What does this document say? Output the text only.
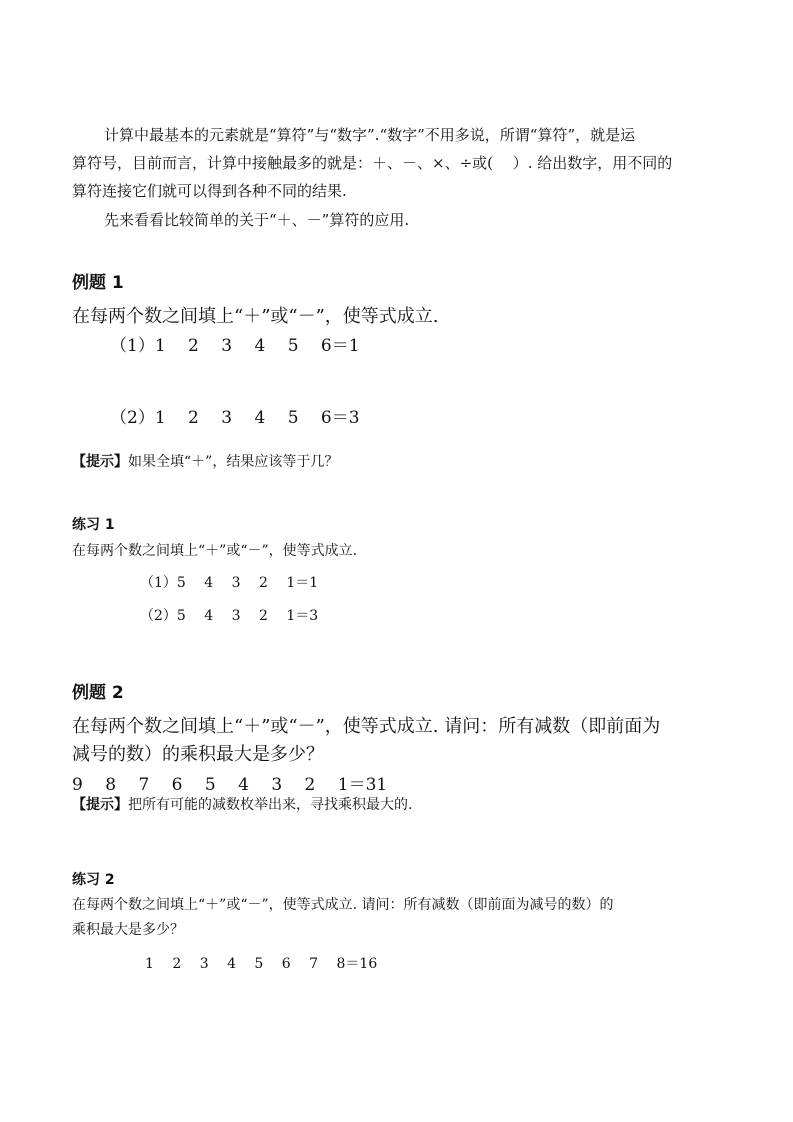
计算中最基本的元素就是“算符”与“数字”.“数字”不用多说，所谓“算符”，就是运
算符号，目前而言，计算中接触最多的就是：＋、－、×、÷或(　 ）. 给出数字，用不同的
算符连接它们就可以得到各种不同的结果.
先来看看比较简单的关于“＋、－”算符的应用.
例题 1
在每两个数之间填上“＋”或“－”，使等式成立.
（1）1　 2　 3　 4　 5　 6＝1
（2）1　 2　 3　 4　 5　 6＝3
【提示】如果全填“＋”，结果应该等于几？
练习 1
在每两个数之间填上“＋”或“－”，使等式成立.
（1）5　 4　 3　 2　 1＝1
（2）5　 4　 3　 2　 1＝3
例题 2
在每两个数之间填上“＋”或“－”，使等式成立. 请问：所有减数（即前面为
减号的数）的乘积最大是多少？
9　 8　 7　 6　 5　 4　 3　 2　 1＝31
【提示】把所有可能的减数枚举出来，寻找乘积最大的.
练习 2
在每两个数之间填上“＋”或“－”，使等式成立. 请问：所有减数（即前面为减号的数）的
乘积最大是多少？
1　 2　 3　 4　 5　 6　 7　 8＝16
